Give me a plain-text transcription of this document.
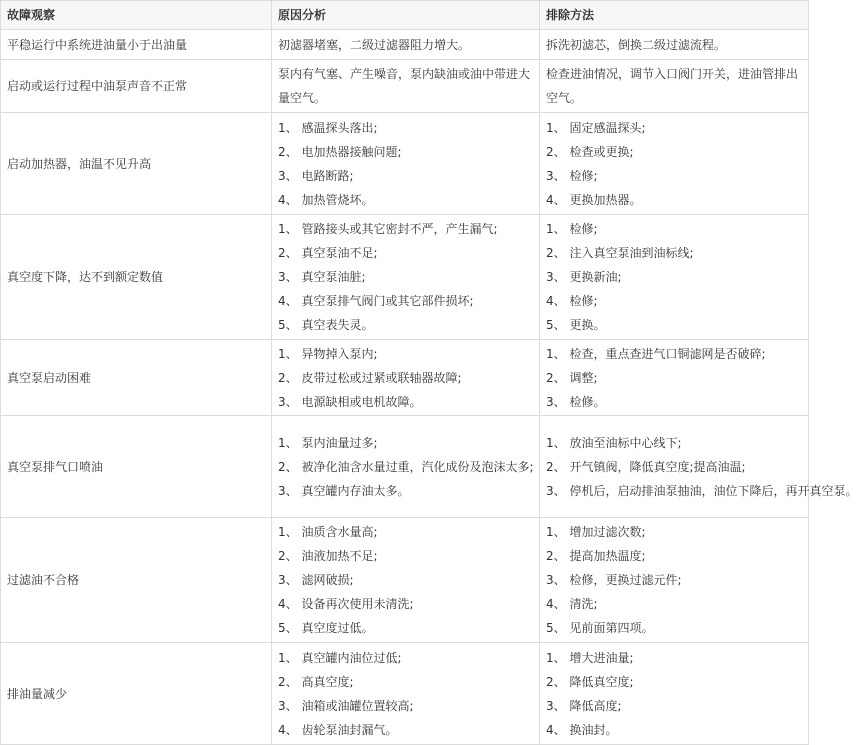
故障观察	原因分析	排除方法
平稳运行中系统进油量小于出油量	初滤器堵塞，二级过滤器阻力增大。	拆洗初滤芯，倒换二级过滤流程。

启动或运行过程中油泵声音不正常	泵内有气塞、产生噪音，泵内缺油或油中带进大量空气。	检查进油情况，调节入口阀门开关，进油管排出空气。

启动加热器，油温不见升高	1、 感温探头落出;
2、 电加热器接触问题;
3、 电路断路;
4、 加热管烧坏。	1、 固定感温探头;
2、 检查或更换;
3、 检修;
4、 更换加热器。

真空度下降，达不到额定数值	1、 管路接头或其它密封不严，产生漏气;
2、 真空泵油不足;
3、 真空泵油脏;
4、 真空泵排气阀门或其它部件损坏;
5、 真空表失灵。	1、 检修;
2、 注入真空泵油到油标线;
3、 更换新油;
4、 检修;
5、 更换。

真空泵启动困难	1、 异物掉入泵内;
2、 皮带过松或过紧或联轴器故障;
3、 电源缺相或电机故障。	1、 检查，重点查进气口铜滤网是否破碎;
2、 调整;
3、 检修。

真空泵排气口喷油	1、 泵内油量过多;
2、 被净化油含水量过重，汽化成份及泡沫太多;
3、 真空罐内存油太多。	1、 放油至油标中心线下;
2、 开气镇阀，降低真空度;提高油温;
3、 停机后，启动排油泵抽油，油位下降后，再开真空泵。

过滤油不合格	1、 油质含水量高;
2、 油液加热不足;
3、 滤网破损;
4、 设备再次使用未清洗;
5、 真空度过低。	1、 增加过滤次数;
2、 提高加热温度;
3、 检修，更换过滤元件;
4、 清洗;
5、 见前面第四项。

排油量减少	1、 真空罐内油位过低;
2、 高真空度;
3、 油箱或油罐位置较高;
4、 齿轮泵油封漏气。	1、 增大进油量;
2、 降低真空度;
3、 降低高度;
4、 换油封。
